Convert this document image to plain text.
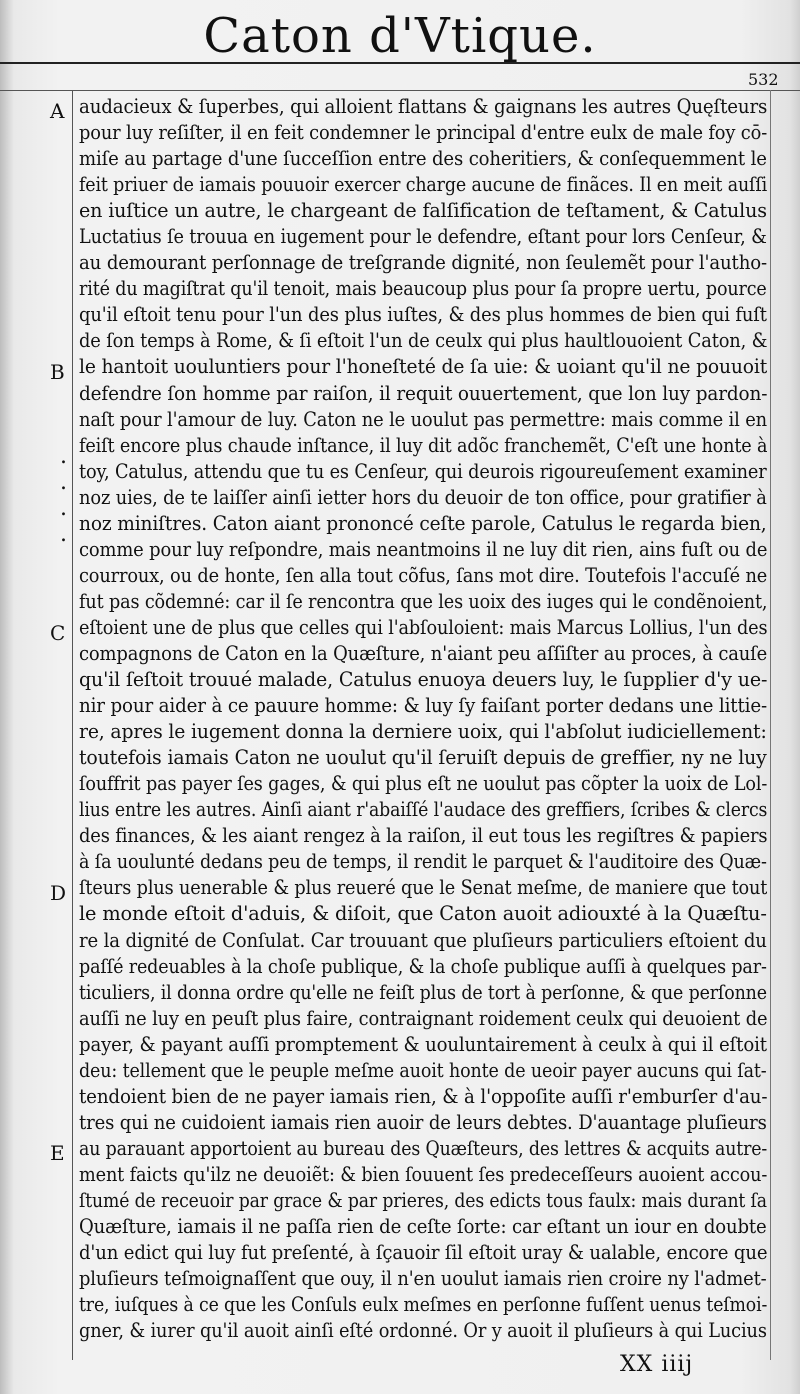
Caton d'Vtique.
532
A
B
C
D
E
.
.
.
.
audacieux & ſuperbes, qui alloient flattans & gaignans les autres Quęſteurs
pour luy reſiſter, il en feit condemner le principal d'entre eulx de male foy cō-
miſe au partage d'une ſucceſſion entre des coheritiers, & conſequemment le
feit priuer de iamais pouuoir exercer charge aucune de finãces. Il en meit auſſi
en iuſtice un autre, le chargeant de falſification de teſtament, & Catulus
Luctatius ſe trouua en iugement pour le defendre, eſtant pour lors Cenſeur, &
au demourant perſonnage de treſgrande dignité, non ſeulemẽt pour l'autho-
rité du magiſtrat qu'il tenoit, mais beaucoup plus pour ſa propre uertu, pource
qu'il eſtoit tenu pour l'un des plus iuſtes, & des plus hommes de bien qui fuſt
de ſon temps à Rome, & ſi eſtoit l'un de ceulx qui plus haultlouoient Caton, &
le hantoit uouluntiers pour l'honeſteté de ſa uie: & uoiant qu'il ne pouuoit
defendre ſon homme par raiſon, il requit ouuertement, que lon luy pardon-
naſt pour l'amour de luy. Caton ne le uoulut pas permettre: mais comme il en
feiſt encore plus chaude inſtance, il luy dit adõc franchemẽt, C'eſt une honte à
toy, Catulus, attendu que tu es Cenſeur, qui deurois rigoureuſement examiner
noz uies, de te laiſſer ainſi ietter hors du deuoir de ton office, pour gratifier à
noz miniſtres. Caton aiant prononcé ceſte parole, Catulus le regarda bien,
comme pour luy reſpondre, mais neantmoins il ne luy dit rien, ains fuſt ou de
courroux, ou de honte, ſen alla tout cõfus, ſans mot dire. Toutefois l'accuſé ne
fut pas cõdemné: car il ſe rencontra que les uoix des iuges qui le condẽnoient,
eſtoient une de plus que celles qui l'abſouloient: mais Marcus Lollius, l'un des
compagnons de Caton en la Quæſture, n'aiant peu aſſiſter au proces, à cauſe
qu'il ſeſtoit trouué malade, Catulus enuoya deuers luy, le ſupplier d'y ue-
nir pour aider à ce pauure homme: & luy ſy faiſant porter dedans une littie-
re, apres le iugement donna la derniere uoix, qui l'abſolut iudiciellement:
toutefois iamais Caton ne uoulut qu'il ſeruiſt depuis de greffier, ny ne luy
ſouffrit pas payer ſes gages, & qui plus eſt ne uoulut pas cõpter la uoix de Lol-
lius entre les autres. Ainſi aiant r'abaiſſé l'audace des greffiers, ſcribes & clercs
des finances, & les aiant rengez à la raiſon, il eut tous les regiſtres & papiers
à ſa uoulunté dedans peu de temps, il rendit le parquet & l'auditoire des Quæ-
ſteurs plus uenerable & plus reueré que le Senat meſme, de maniere que tout
le monde eſtoit d'aduis, & diſoit, que Caton auoit adiouxté à la Quæſtu-
re la dignité de Conſulat. Car trouuant que pluſieurs particuliers eſtoient du
paſſé redeuables à la choſe publique, & la choſe publique auſſi à quelques par-
ticuliers, il donna ordre qu'elle ne feiſt plus de tort à perſonne, & que perſonne
auſſi ne luy en peuſt plus faire, contraignant roidement ceulx qui deuoient de
payer, & payant auſſi promptement & uouluntairement à ceulx à qui il eſtoit
deu: tellement que le peuple meſme auoit honte de ueoir payer aucuns qui ſat-
tendoient bien de ne payer iamais rien, & à l'oppoſite auſſi r'emburſer d'au-
tres qui ne cuidoient iamais rien auoir de leurs debtes. D'auantage pluſieurs
au parauant apportoient au bureau des Quæſteurs, des lettres & acquits autre-
ment faicts qu'ilz ne deuoiẽt: & bien ſouuent ſes predeceſſeurs auoient accou-
ſtumé de receuoir par grace & par prieres, des edicts tous faulx: mais durant ſa
Quæſture, iamais il ne paſſa rien de ceſte ſorte: car eſtant un iour en doubte
d'un edict qui luy fut preſenté, à ſçauoir ſil eſtoit uray & ualable, encore que
pluſieurs teſmoignaſſent que ouy, il n'en uoulut iamais rien croire ny l'admet-
tre, iuſques à ce que les Conſuls eulx meſmes en perſonne fuſſent uenus teſmoi-
gner, & iurer qu'il auoit ainſi eſté ordonné. Or y auoit il pluſieurs à qui Lucius
XX iiij
